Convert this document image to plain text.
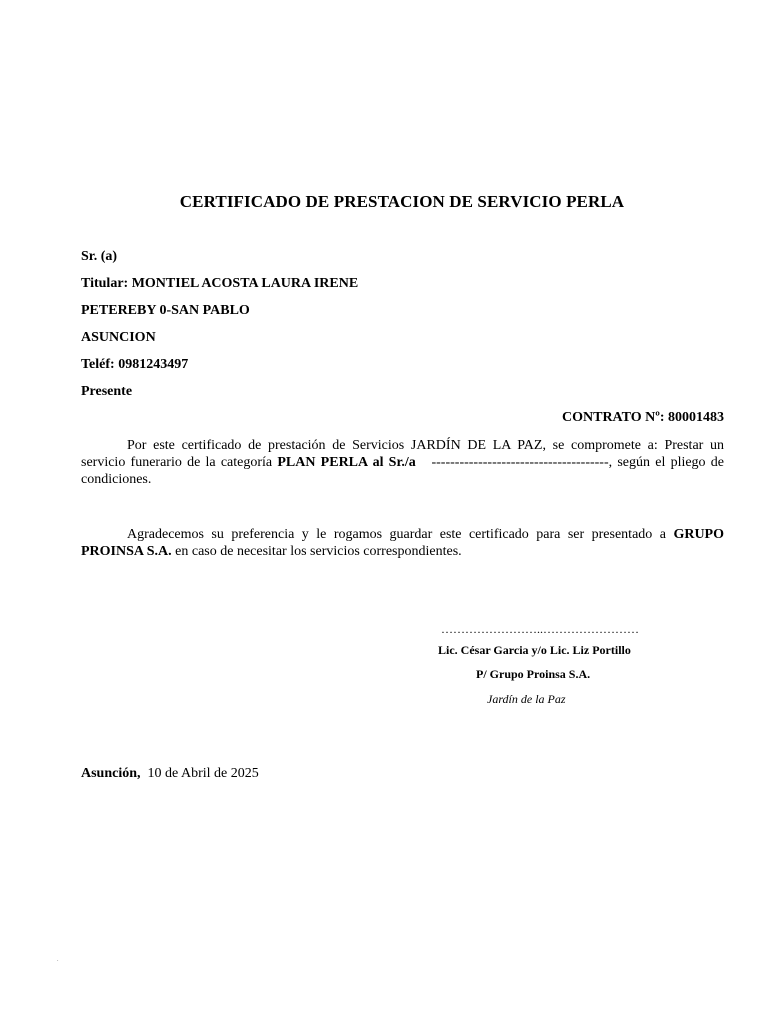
CERTIFICADO DE PRESTACION DE SERVICIO PERLA
Sr. (a)
Titular: MONTIEL ACOSTA LAURA IRENE
PETEREBY 0-SAN PABLO
ASUNCION
Teléf: 0981243497
Presente
CONTRATO Nº: 80001483
Por este certificado de prestación de Servicios JARDÍN DE LA PAZ, se compromete a: Prestar un servicio funerario de la categoría PLAN PERLA al Sr./a --------------------------------------, según el pliego de condiciones.
Agradecemos su preferencia y le rogamos guardar este certificado para ser presentado a GRUPO PROINSA S.A. en caso de necesitar los servicios correspondientes.
……………………..……………………
Lic. César Garcia y/o Lic. Liz Portillo
P/ Grupo Proinsa S.A.
Jardín de la Paz
Asunción, 10 de Abril de 2025
.
